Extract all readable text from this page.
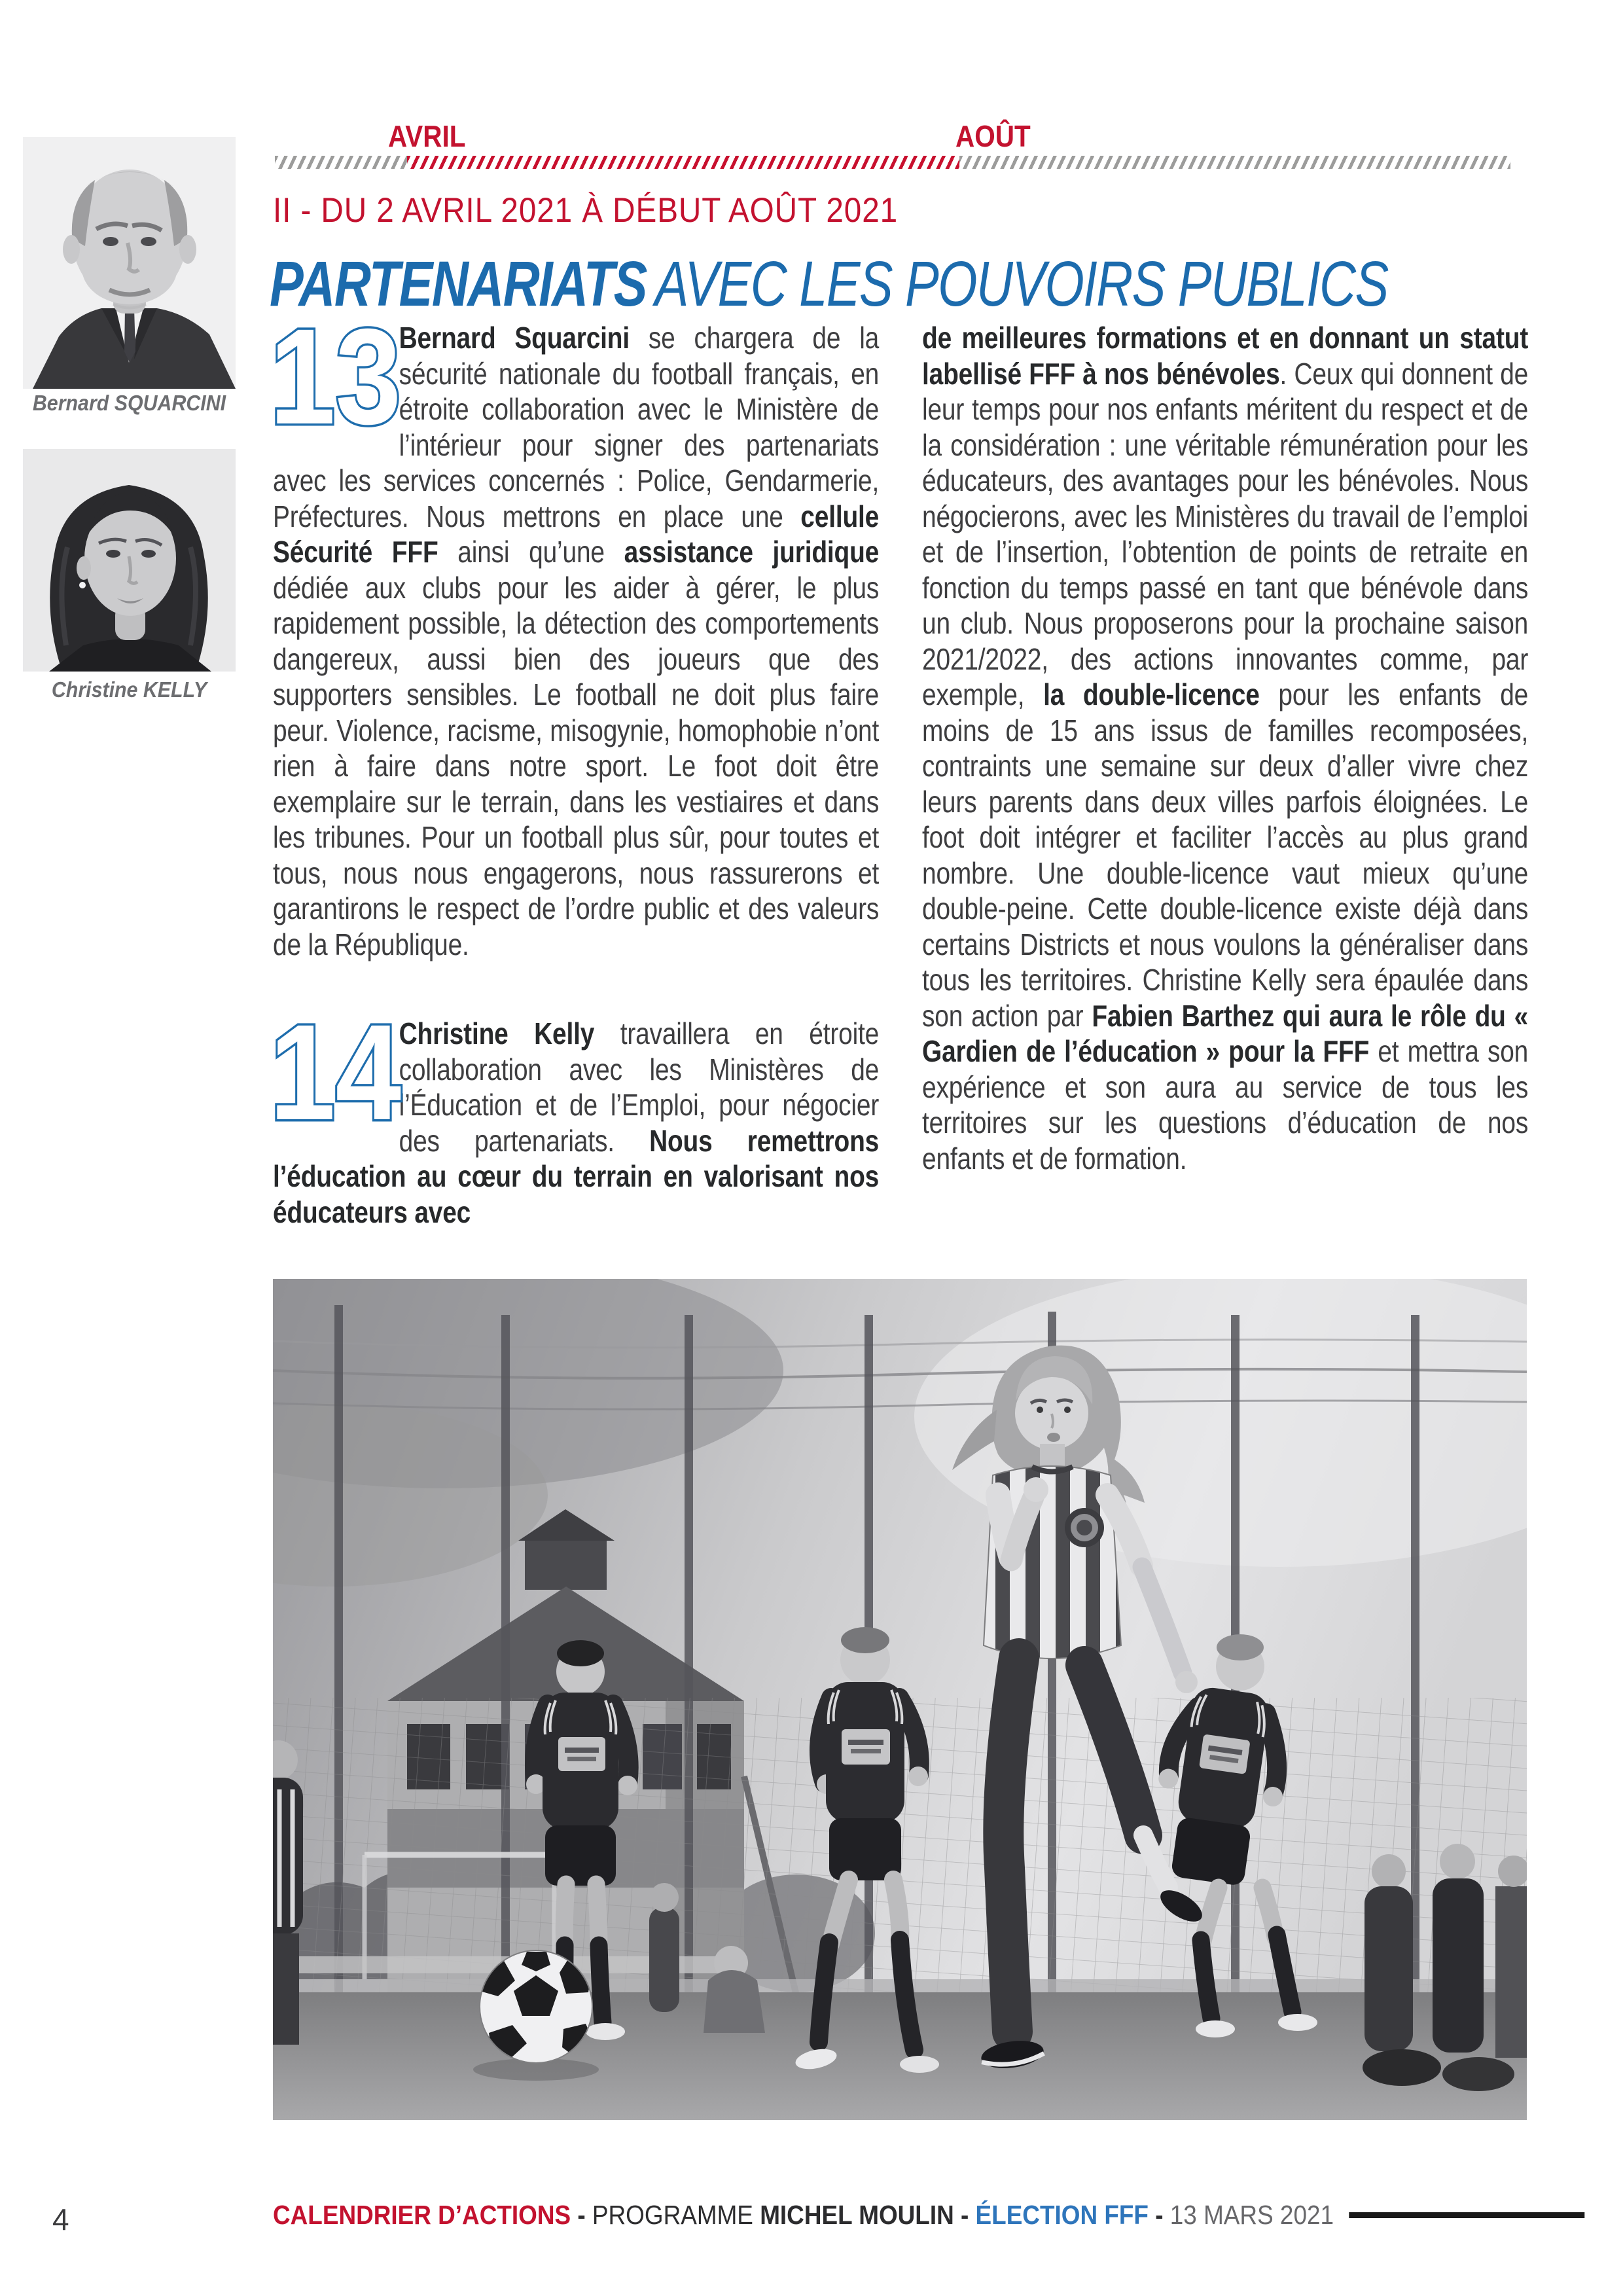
AVRIL	AOÛT
II - DU 2 AVRIL 2021 À DÉBUT AOÛT 2021
PARTENARIATS AVEC LES POUVOIRS PUBLICS
Bernard SQUARCINI
Christine KELLY

13
Bernard Squarcini se chargera de la sécurité nationale du football français, en étroite collaboration avec le Ministère de l’intérieur pour signer des partenariats avec les services concernés : Police, Gendarmerie, Préfectures. Nous mettrons en place une cellule Sécurité FFF ainsi qu’une assistance juridique dédiée aux clubs pour les aider à gérer, le plus rapidement possible, la détection des comportements dangereux, aussi bien des joueurs que des supporters sensibles. Le football ne doit plus faire peur. Violence, racisme, misogynie, homophobie n’ont rien à faire dans notre sport. Le foot doit être exemplaire sur le terrain, dans les vestiaires et dans les tribunes. Pour un football plus sûr, pour toutes et tous, nous nous engagerons, nous rassurerons et garantirons le respect de l’ordre public et des valeurs de la République.

14
Christine Kelly travaillera en étroite collaboration avec les Ministères de l’Éducation et de l’Emploi, pour négocier des partenariats. Nous remettrons l’éducation au cœur du terrain en valorisant nos éducateurs avec

de meilleures formations et en donnant un statut labellisé FFF à nos bénévoles. Ceux qui donnent de leur temps pour nos enfants méritent du respect et de la considération : une véritable rémunération pour les éducateurs, des avantages pour les bénévoles. Nous négocierons, avec les Ministères du travail de l’emploi et de l’insertion, l’obtention de points de retraite en fonction du temps passé en tant que bénévole dans un club. Nous proposerons pour la prochaine saison 2021/2022, des actions innovantes comme, par exemple, la double-licence pour les enfants de moins de 15 ans issus de familles recomposées, contraints une semaine sur deux d’aller vivre chez leurs parents dans deux villes parfois éloignées. Le foot doit intégrer et faciliter l’accès au plus grand nombre. Une double-licence vaut mieux qu’une double-peine. Cette double-licence existe déjà dans certains Districts et nous voulons la généraliser dans tous les territoires. Christine Kelly sera épaulée dans son action par Fabien Barthez qui aura le rôle du « Gardien de l’éducation » pour la FFF et mettra son expérience et son aura au service de tous les territoires sur les questions d’éducation de nos enfants et de formation.

4	CALENDRIER D’ACTIONS - PROGRAMME MICHEL MOULIN - ÉLECTION FFF - 13 MARS 2021
